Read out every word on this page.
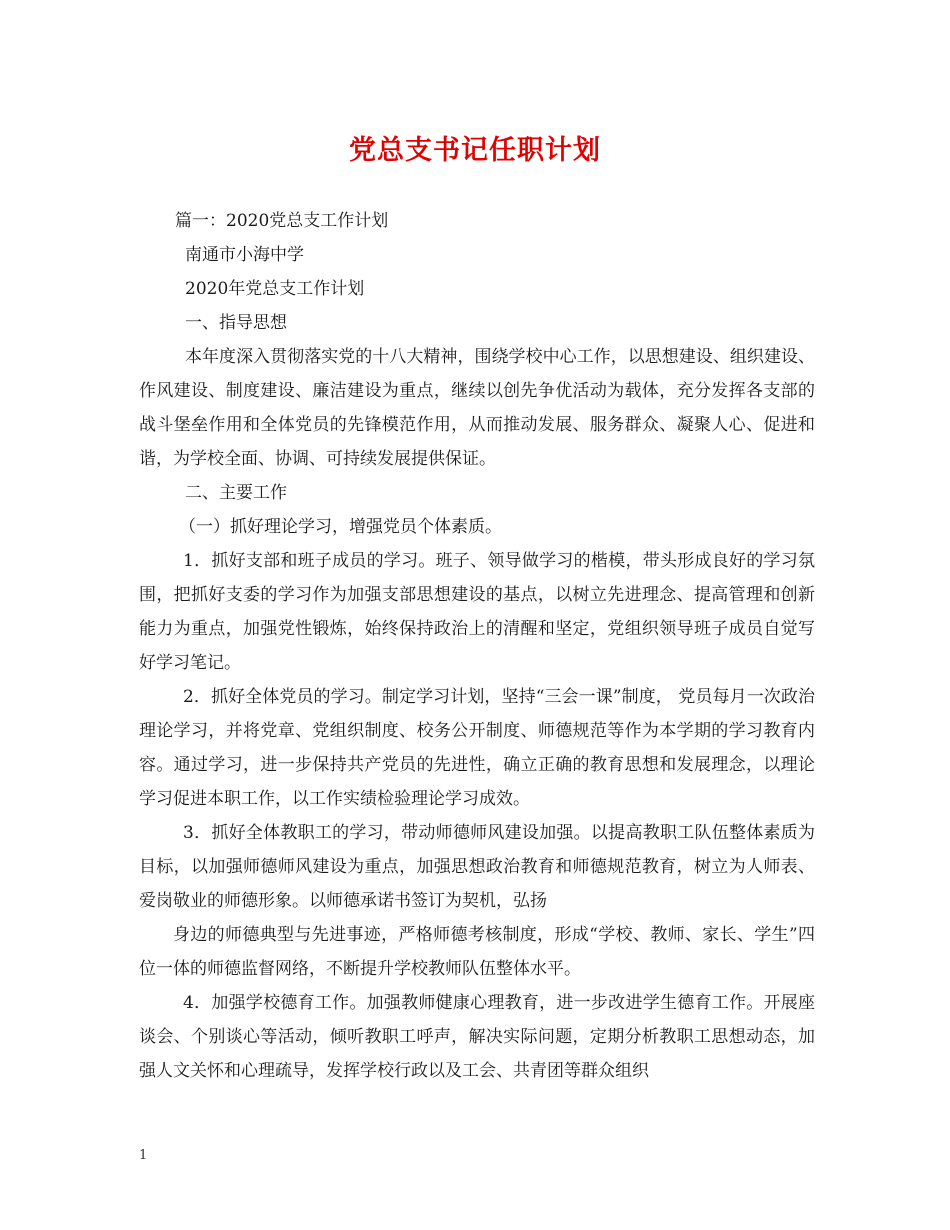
党总支书记任职计划

篇一：2020党总支工作计划

南通市小海中学

2020年党总支工作计划

一、指导思想

本年度深入贯彻落实党的十八大精神，围绕学校中心工作，以思想建设、组织建设、作风建设、制度建设、廉洁建设为重点，继续以创先争优活动为载体，充分发挥各支部的战斗堡垒作用和全体党员的先锋模范作用，从而推动发展、服务群众、凝聚人心、促进和谐，为学校全面、协调、可持续发展提供保证。

二、主要工作

（一）抓好理论学习，增强党员个体素质。

1．抓好支部和班子成员的学习。班子、领导做学习的楷模，带头形成良好的学习氛围，把抓好支委的学习作为加强支部思想建设的基点，以树立先进理念、提高管理和创新能力为重点，加强党性锻炼，始终保持政治上的清醒和坚定，党组织领导班子成员自觉写好学习笔记。

2．抓好全体党员的学习。制定学习计划，坚持“三会一课”制度， 党员每月一次政治理论学习，并将党章、党组织制度、校务公开制度、师德规范等作为本学期的学习教育内容。通过学习，进一步保持共产党员的先进性，确立正确的教育思想和发展理念，以理论学习促进本职工作，以工作实绩检验理论学习成效。

3．抓好全体教职工的学习，带动师德师风建设加强。以提高教职工队伍整体素质为目标，以加强师德师风建设为重点，加强思想政治教育和师德规范教育，树立为人师表、爱岗敬业的师德形象。以师德承诺书签订为契机，弘扬

身边的师德典型与先进事迹，严格师德考核制度，形成“学校、教师、家长、学生”四位一体的师德监督网络，不断提升学校教师队伍整体水平。

4．加强学校德育工作。加强教师健康心理教育，进一步改进学生德育工作。开展座谈会、个别谈心等活动，倾听教职工呼声，解决实际问题，定期分析教职工思想动态，加强人文关怀和心理疏导，发挥学校行政以及工会、共青团等群众组织

1
